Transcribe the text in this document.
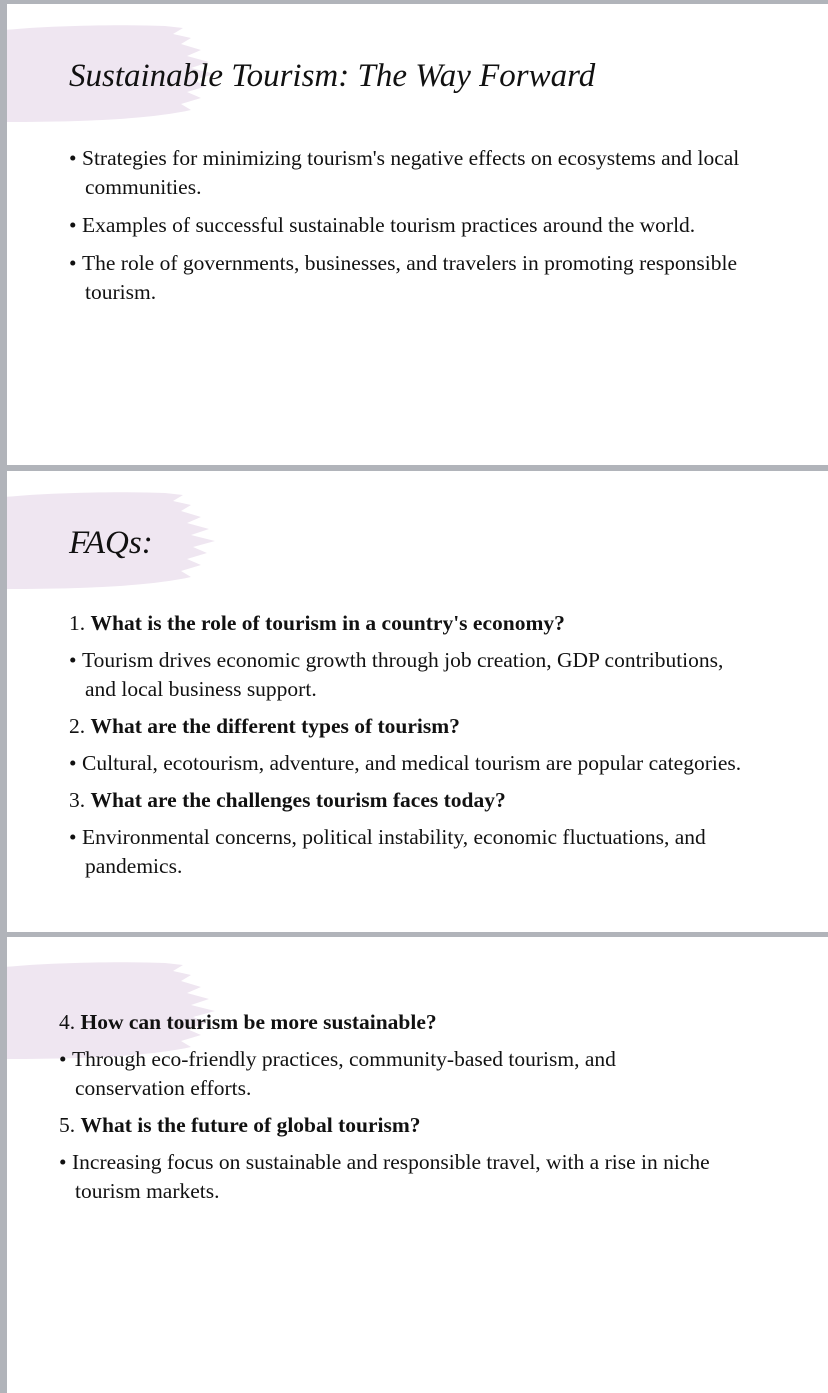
Sustainable Tourism: The Way Forward

• Strategies for minimizing tourism's negative effects on ecosystems and local communities.

• Examples of successful sustainable tourism practices around the world.

• The role of governments, businesses, and travelers in promoting responsible tourism.

FAQs:

1. What is the role of tourism in a country's economy?

• Tourism drives economic growth through job creation, GDP contributions, and local business support.

2. What are the different types of tourism?

• Cultural, ecotourism, adventure, and medical tourism are popular categories.

3. What are the challenges tourism faces today?

• Environmental concerns, political instability, economic fluctuations, and pandemics.

4. How can tourism be more sustainable?

• Through eco-friendly practices, community-based tourism, and conservation efforts.

5. What is the future of global tourism?

• Increasing focus on sustainable and responsible travel, with a rise in niche tourism markets.
